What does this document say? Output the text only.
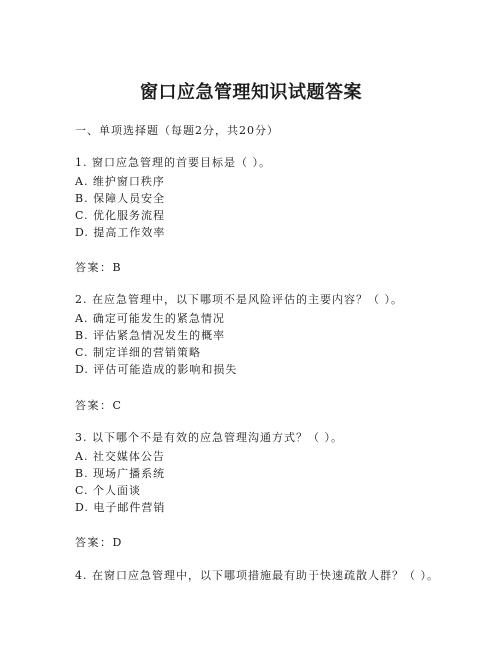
窗口应急管理知识试题答案
一、单项选择题（每题2分，共20分）
1. 窗口应急管理的首要目标是（ ）。
A. 维护窗口秩序
B. 保障人员安全
C. 优化服务流程
D. 提高工作效率
答案：B
2. 在应急管理中，以下哪项不是风险评估的主要内容？（ ）。
A. 确定可能发生的紧急情况
B. 评估紧急情况发生的概率
C. 制定详细的营销策略
D. 评估可能造成的影响和损失
答案：C
3. 以下哪个不是有效的应急管理沟通方式？（ ）。
A. 社交媒体公告
B. 现场广播系统
C. 个人面谈
D. 电子邮件营销
答案：D
4. 在窗口应急管理中，以下哪项措施最有助于快速疏散人群？（ ）。
